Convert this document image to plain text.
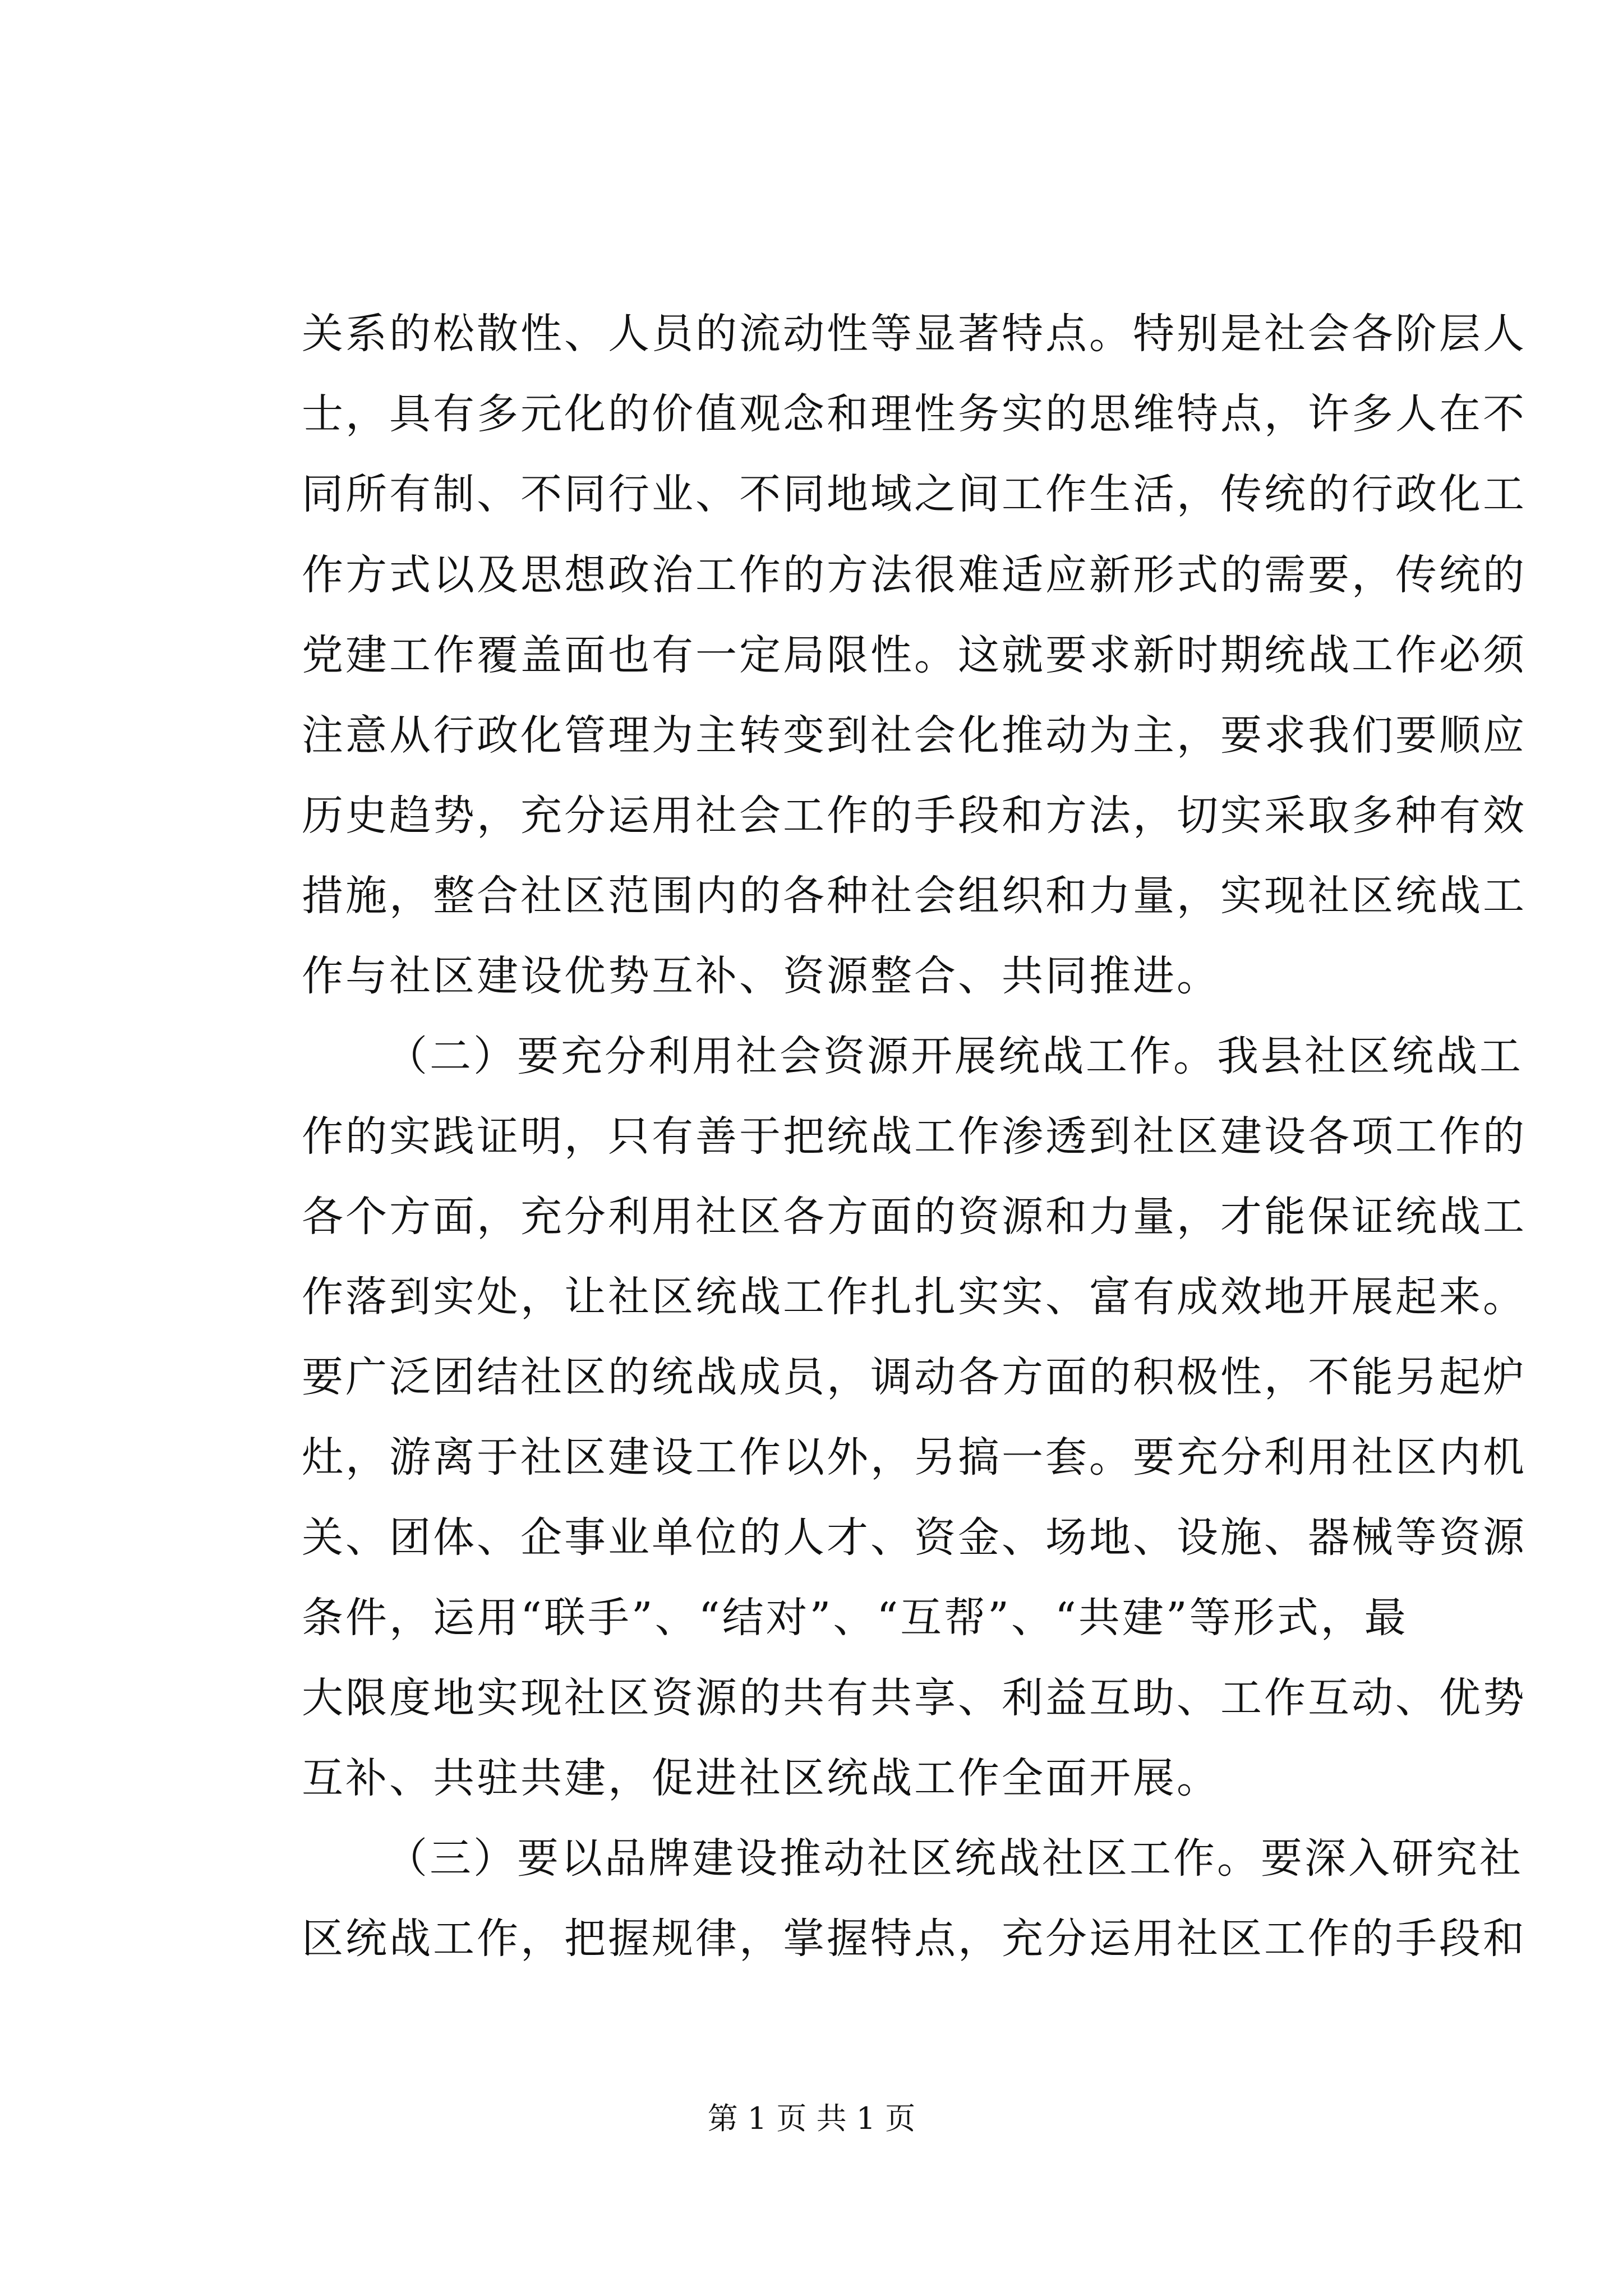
关系的松散性、人员的流动性等显著特点。特别是社会各阶层人

士，具有多元化的价值观念和理性务实的思维特点，许多人在不

同所有制、不同行业、不同地域之间工作生活，传统的行政化工

作方式以及思想政治工作的方法很难适应新形式的需要，传统的

党建工作覆盖面也有一定局限性。这就要求新时期统战工作必须

注意从行政化管理为主转变到社会化推动为主，要求我们要顺应

历史趋势，充分运用社会工作的手段和方法，切实采取多种有效

措施，整合社区范围内的各种社会组织和力量，实现社区统战工

作与社区建设优势互补、资源整合、共同推进。

（二）要充分利用社会资源开展统战工作。我县社区统战工

作的实践证明，只有善于把统战工作渗透到社区建设各项工作的

各个方面，充分利用社区各方面的资源和力量，才能保证统战工

作落到实处，让社区统战工作扎扎实实、富有成效地开展起来。

要广泛团结社区的统战成员，调动各方面的积极性，不能另起炉

灶，游离于社区建设工作以外，另搞一套。要充分利用社区内机

关、团体、企事业单位的人才、资金、场地、设施、器械等资源

条件，运用“联手”、“结对”、“互帮”、“共建”等形式，最

大限度地实现社区资源的共有共享、利益互助、工作互动、优势

互补、共驻共建，促进社区统战工作全面开展。

（三）要以品牌建设推动社区统战社区工作。要深入研究社

区统战工作，把握规律，掌握特点，充分运用社区工作的手段和

第 1 页 共 1 页
